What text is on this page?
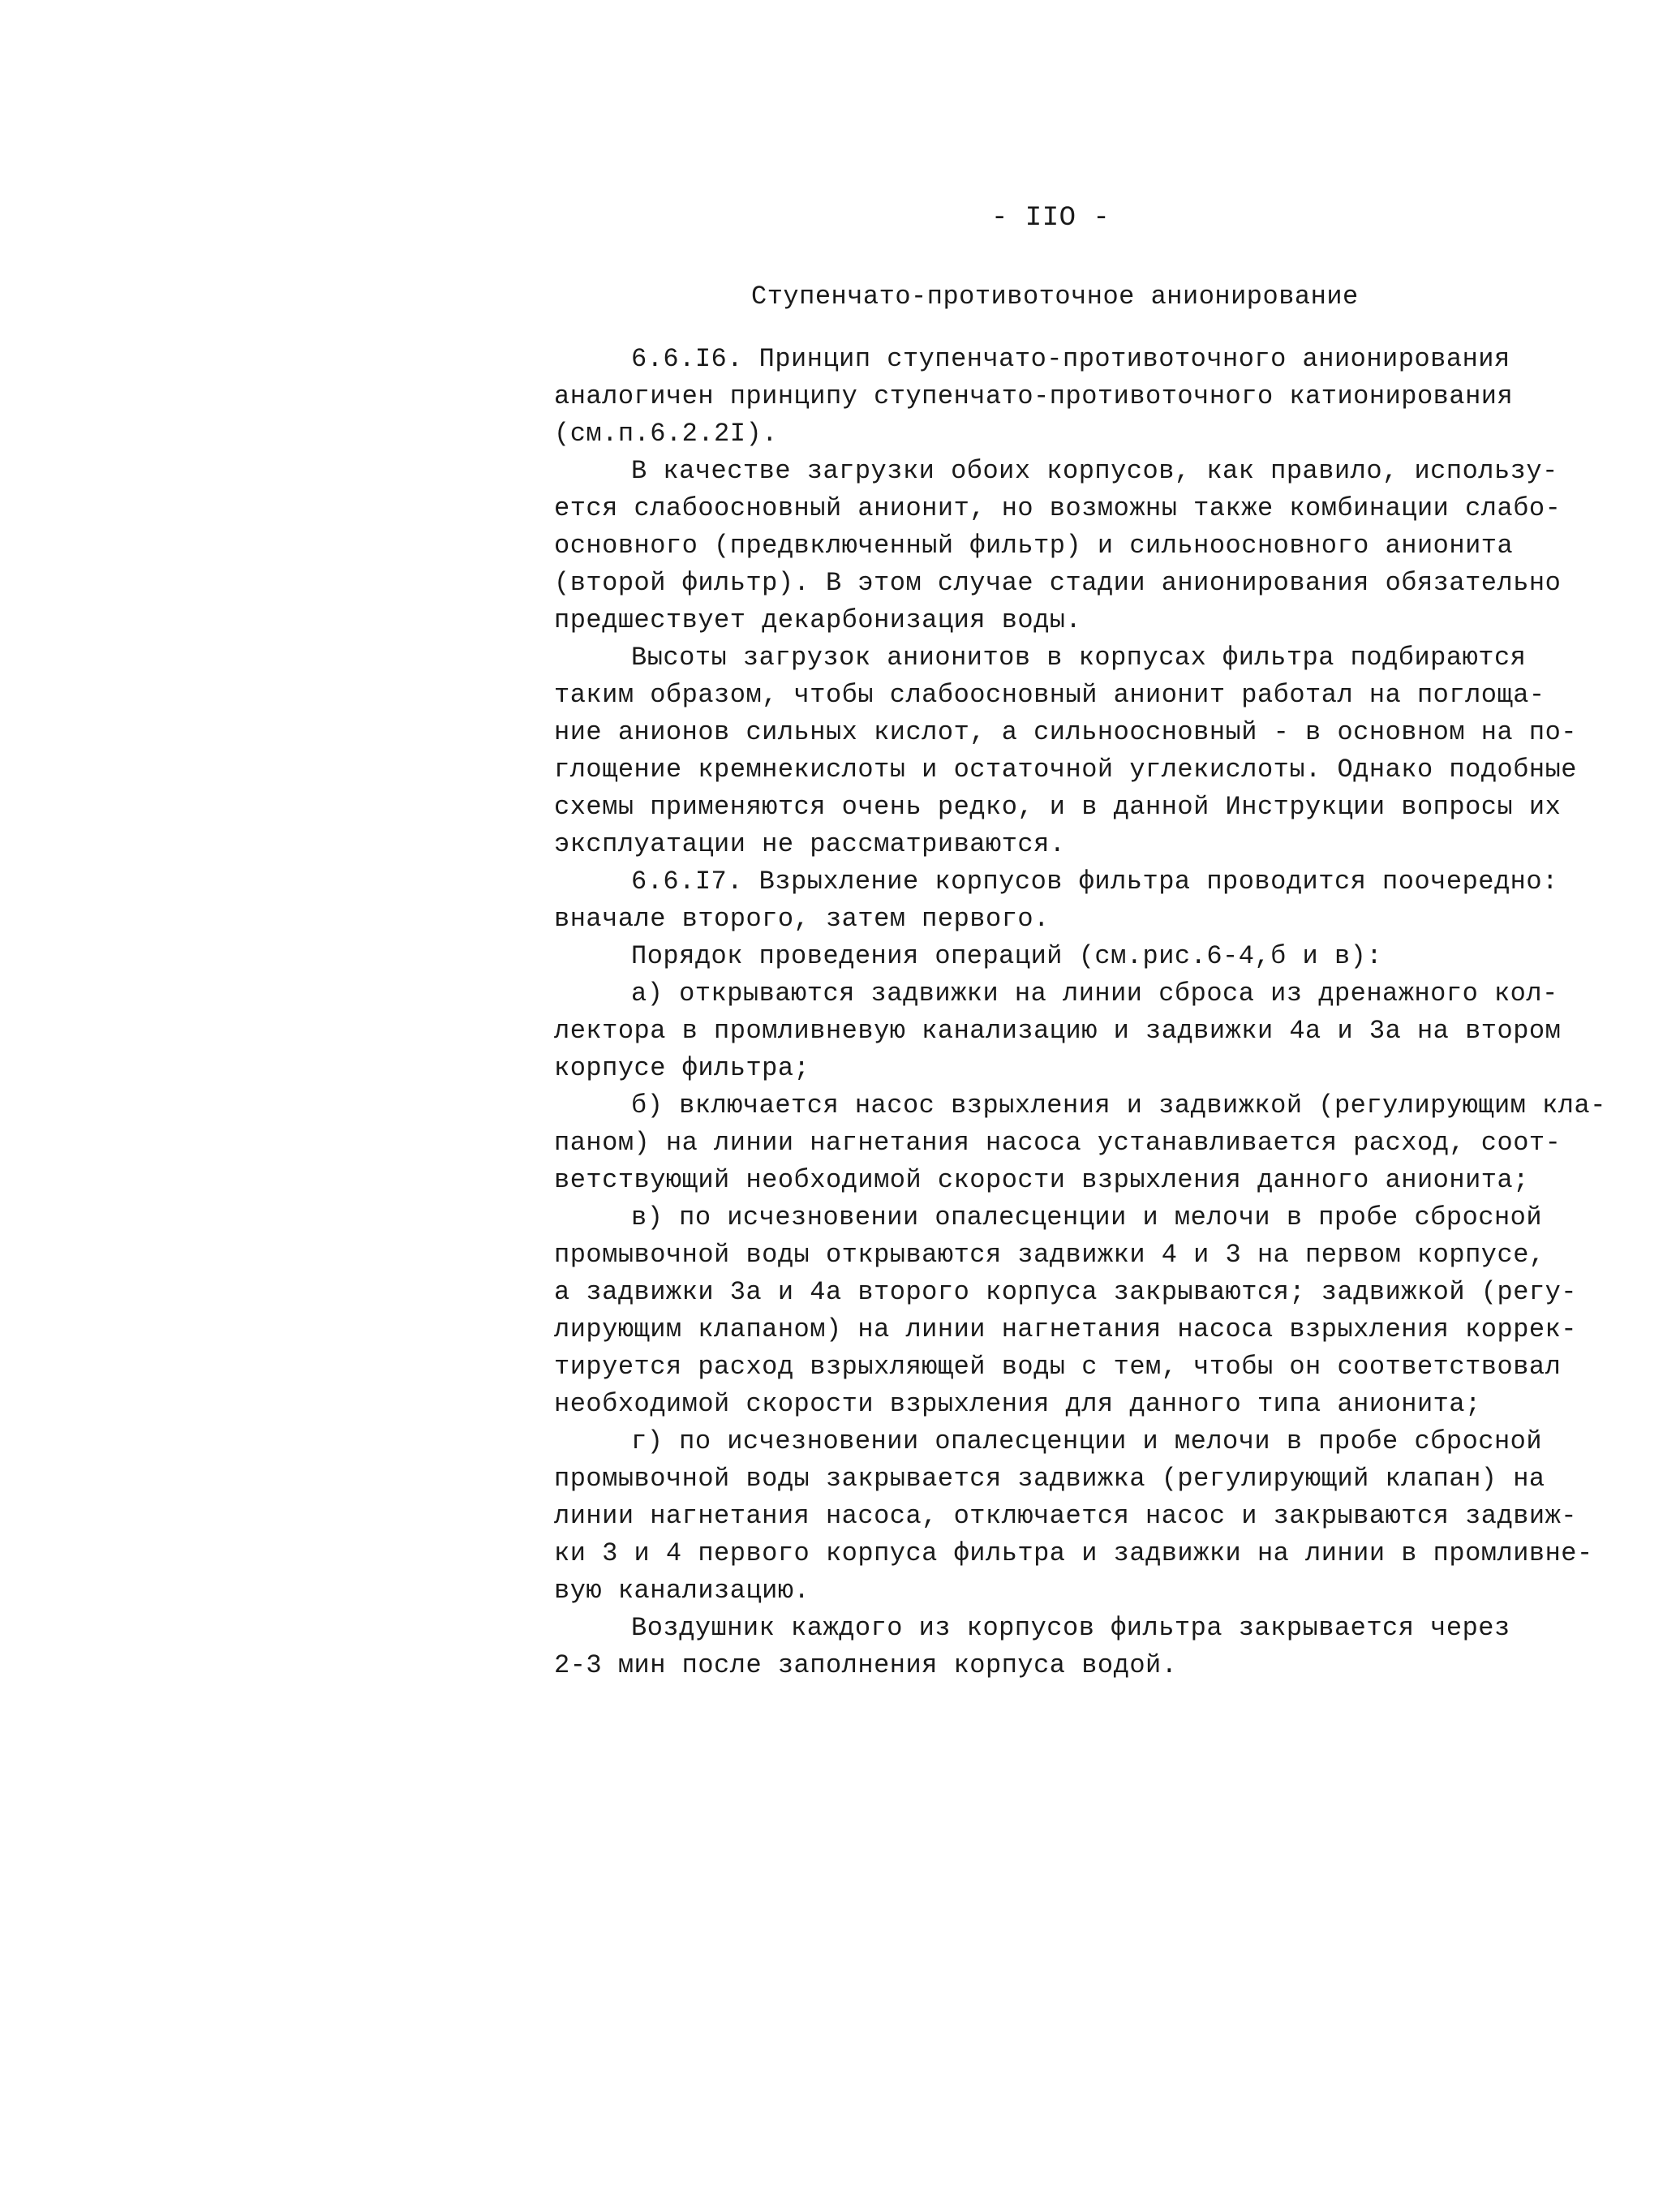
- IIO -
Ступенчато-противоточное анионирование
6.6.I6. Принцип ступенчато-противоточного анионирования
аналогичен принципу ступенчато-противоточного катионирования
(см.п.6.2.2I).
В качестве загрузки обоих корпусов, как правило, использу-
ется слабоосновный анионит, но возможны также комбинации слабо-
основного (предвключенный фильтр) и сильноосновного анионита
(второй фильтр). В этом случае стадии анионирования обязательно
предшествует декарбонизация воды.
Высоты загрузок анионитов в корпусах фильтра подбираются
таким образом, чтобы слабоосновный анионит работал на поглоща-
ние анионов сильных кислот, а сильноосновный - в основном на по-
глощение кремнекислоты и остаточной углекислоты. Однако подобные
схемы применяются очень редко, и в данной Инструкции вопросы их
эксплуатации не рассматриваются.
6.6.I7. Взрыхление корпусов фильтра проводится поочередно:
вначале второго, затем первого.
Порядок проведения операций (см.рис.6-4,б и в):
а) открываются задвижки на линии сброса из дренажного кол-
лектора в промливневую канализацию и задвижки 4а и 3а на втором
корпусе фильтра;
б) включается насос взрыхления и задвижкой (регулирующим кла-
паном) на линии нагнетания насоса устанавливается расход, соот-
ветствующий необходимой скорости взрыхления данного анионита;
в) по исчезновении опалесценции и мелочи в пробе сбросной
промывочной воды открываются задвижки 4 и 3 на первом корпусе,
а задвижки 3а и 4а второго корпуса закрываются; задвижкой (регу-
лирующим клапаном) на линии нагнетания насоса взрыхления коррек-
тируется расход взрыхляющей воды с тем, чтобы он соответствовал
необходимой скорости взрыхления для данного типа анионита;
г) по исчезновении опалесценции и мелочи в пробе сбросной
промывочной воды закрывается задвижка (регулирующий клапан) на
линии нагнетания насоса, отключается насос и закрываются задвиж-
ки 3 и 4 первого корпуса фильтра и задвижки на линии в промливне-
вую канализацию.
Воздушник каждого из корпусов фильтра закрывается через
2-3 мин после заполнения корпуса водой.
